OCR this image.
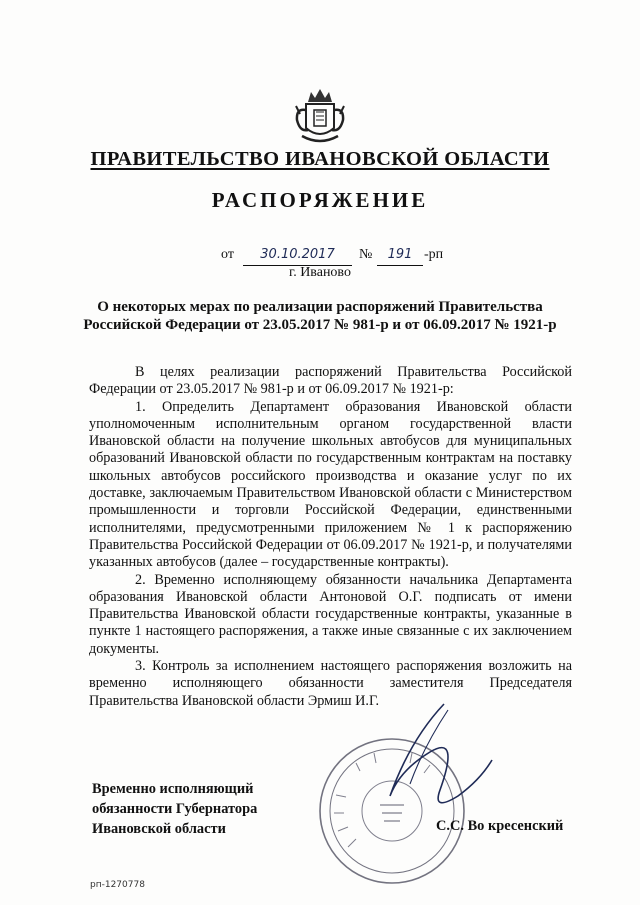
ПРАВИТЕЛЬСТВО ИВАНОВСКОЙ ОБЛАСТИ
РАСПОРЯЖЕНИЕ
от	30.10.2017	№	191 -рп
г. Иваново
О некоторых мерах по реализации распоряжений Правительства
Российской Федерации от 23.05.2017 № 981-р и от 06.09.2017 № 1921-р

В целях реализации распоряжений Правительства Российской Федерации от 23.05.2017 № 981-р и от 06.09.2017 № 1921-р:

1. Определить Департамент образования Ивановской области уполномоченным исполнительным органом государственной власти Ивановской области на получение школьных автобусов для муниципальных образований Ивановской области по государственным контрактам на поставку школьных автобусов российского производства и оказание услуг по их доставке, заключаемым Правительством Ивановской области с Министерством промышленности и торговли Российской Федерации, единственными исполнителями, предусмотренными приложением № 1 к распоряжению Правительства Российской Федерации от 06.09.2017 № 1921-р, и получателями указанных автобусов (далее – государственные контракты).

2. Временно исполняющему обязанности начальника Департамента образования Ивановской области Антоновой О.Г. подписать от имени Правительства Ивановской области государственные контракты, указанные в пункте 1 настоящего распоряжения, а также иные связанные с их заключением документы.

3. Контроль за исполнением настоящего распоряжения возложить на временно исполняющего обязанности заместителя Председателя Правительства Ивановской области Эрмиш И.Г.

Временно исполняющий
обязанности Губернатора
Ивановской области	С.С. Во кресенский
рп-1270778
